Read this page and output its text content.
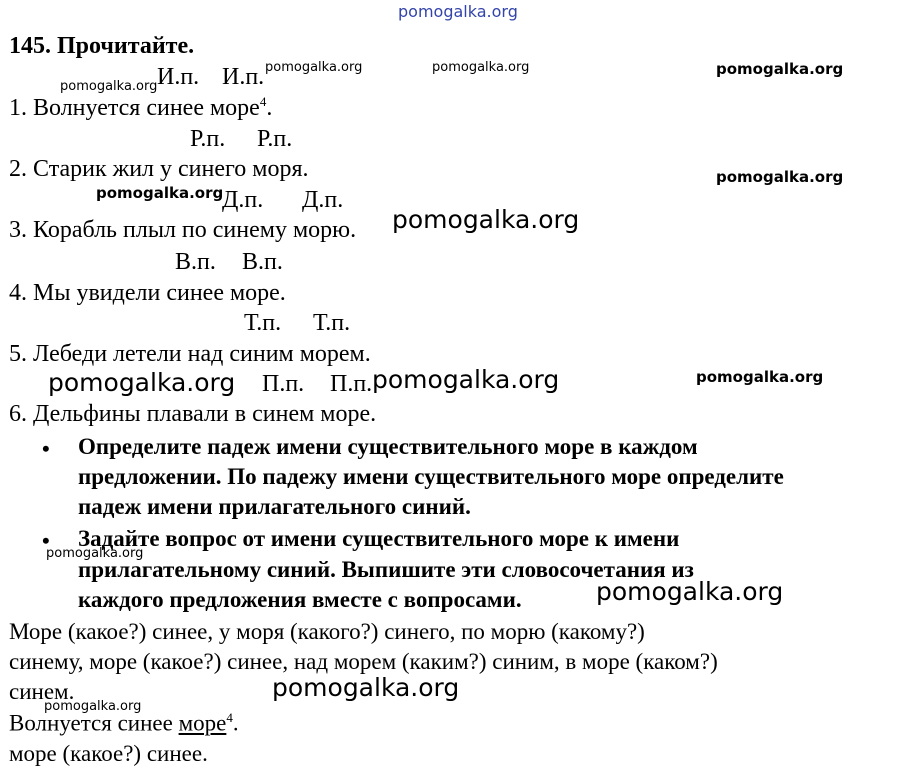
pomogalka.org
145. Прочитайте.
И.п. И.п.
1. Волнуется синее море$^4$.
Р.п. Р.п.
2. Старик жил у синего моря.
Д.п. Д.п.
3. Корабль плыл по синему морю.
В.п. В.п.
4. Мы увидели синее море.
Т.п. Т.п.
5. Лебеди летели над синим морем.
П.п. П.п.
6. Дельфины плавали в синем море.
• Определите падеж имени существительного море в каждом
предложении. По падежу имени существительного море определите
падеж имени прилагательного синий.
• Задайте вопрос от имени существительного море к имени
прилагательному синий. Выпишите эти словосочетания из
каждого предложения вместе с вопросами.
Море (какое?) синее, у моря (какого?) синего, по морю (какому?)
синему, море (какое?) синее, над морем (каким?) синим, в море (каком?)
синем.
Волнуется синее море$^4$.
море (какое?) синее.
pomogalka.org
pomogalka.org	pomogalka.org	pomogalka.org
pomogalka.org
pomogalka.org
pomogalka.org
pomogalka.org	pomogalka.org	pomogalka.org
pomogalka.org
pomogalka.org
pomogalka.org
pomogalka.org
